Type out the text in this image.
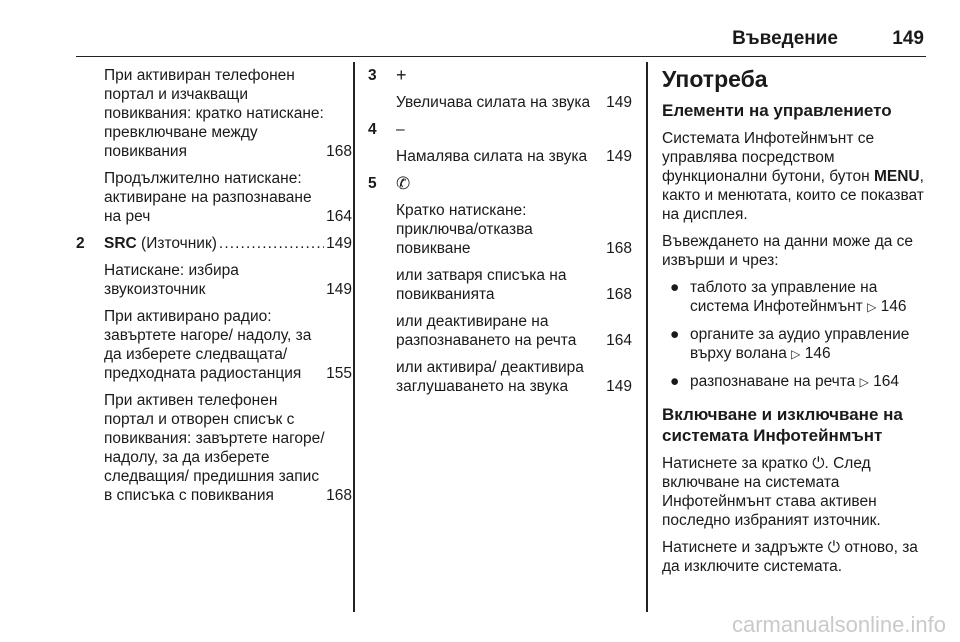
Въведение	149
При активиран телефонен портал и изчакващи повиквания: кратко натискане: превключване между повиквания	168
Продължително натискане: активиране на разпознаване на реч	164
2 SRC (Източник) . . .	149
Натискане: избира звукоизточник	149
При активирано радио: завъртете нагоре/ надолу, за да изберете следващата/ предходната радиостанция	155
При активен телефонен портал и отворен списък с повиквания: завъртете нагоре/надолу, за да изберете следващия/ предишния запис в списъка с повиквания	168
3 +
Увеличава силата на звука	149
4 –
Намалява силата на звука	149
5 ✆
Кратко натискане: приключва/отказва повикване	168
или затваря списъка на повикванията	168
или деактивиране на разпознаването на речта	164
или активира/ деактивира заглушаването на звука	149
Употреба
Елементи на управлението
Системата Инфотейнмънт се управлява посредством функционални бутони, бутон MENU, както и менютата, които се показват на дисплея.
Въвеждането на данни може да се извърши и чрез:
● таблото за управление на система Инфотейнмънт ▷ 146
● органите за аудио управление върху волана ▷ 146
● разпознаване на речта ▷ 164
Включване и изключване на системата Инфотейнмънт
Натиснете за кратко ⏻. След включване на системата Инфотейнмънт става активен последно избраният източник.
Натиснете и задръжте ⏻ отново, за да изключите системата.
carmanualsonline.info
